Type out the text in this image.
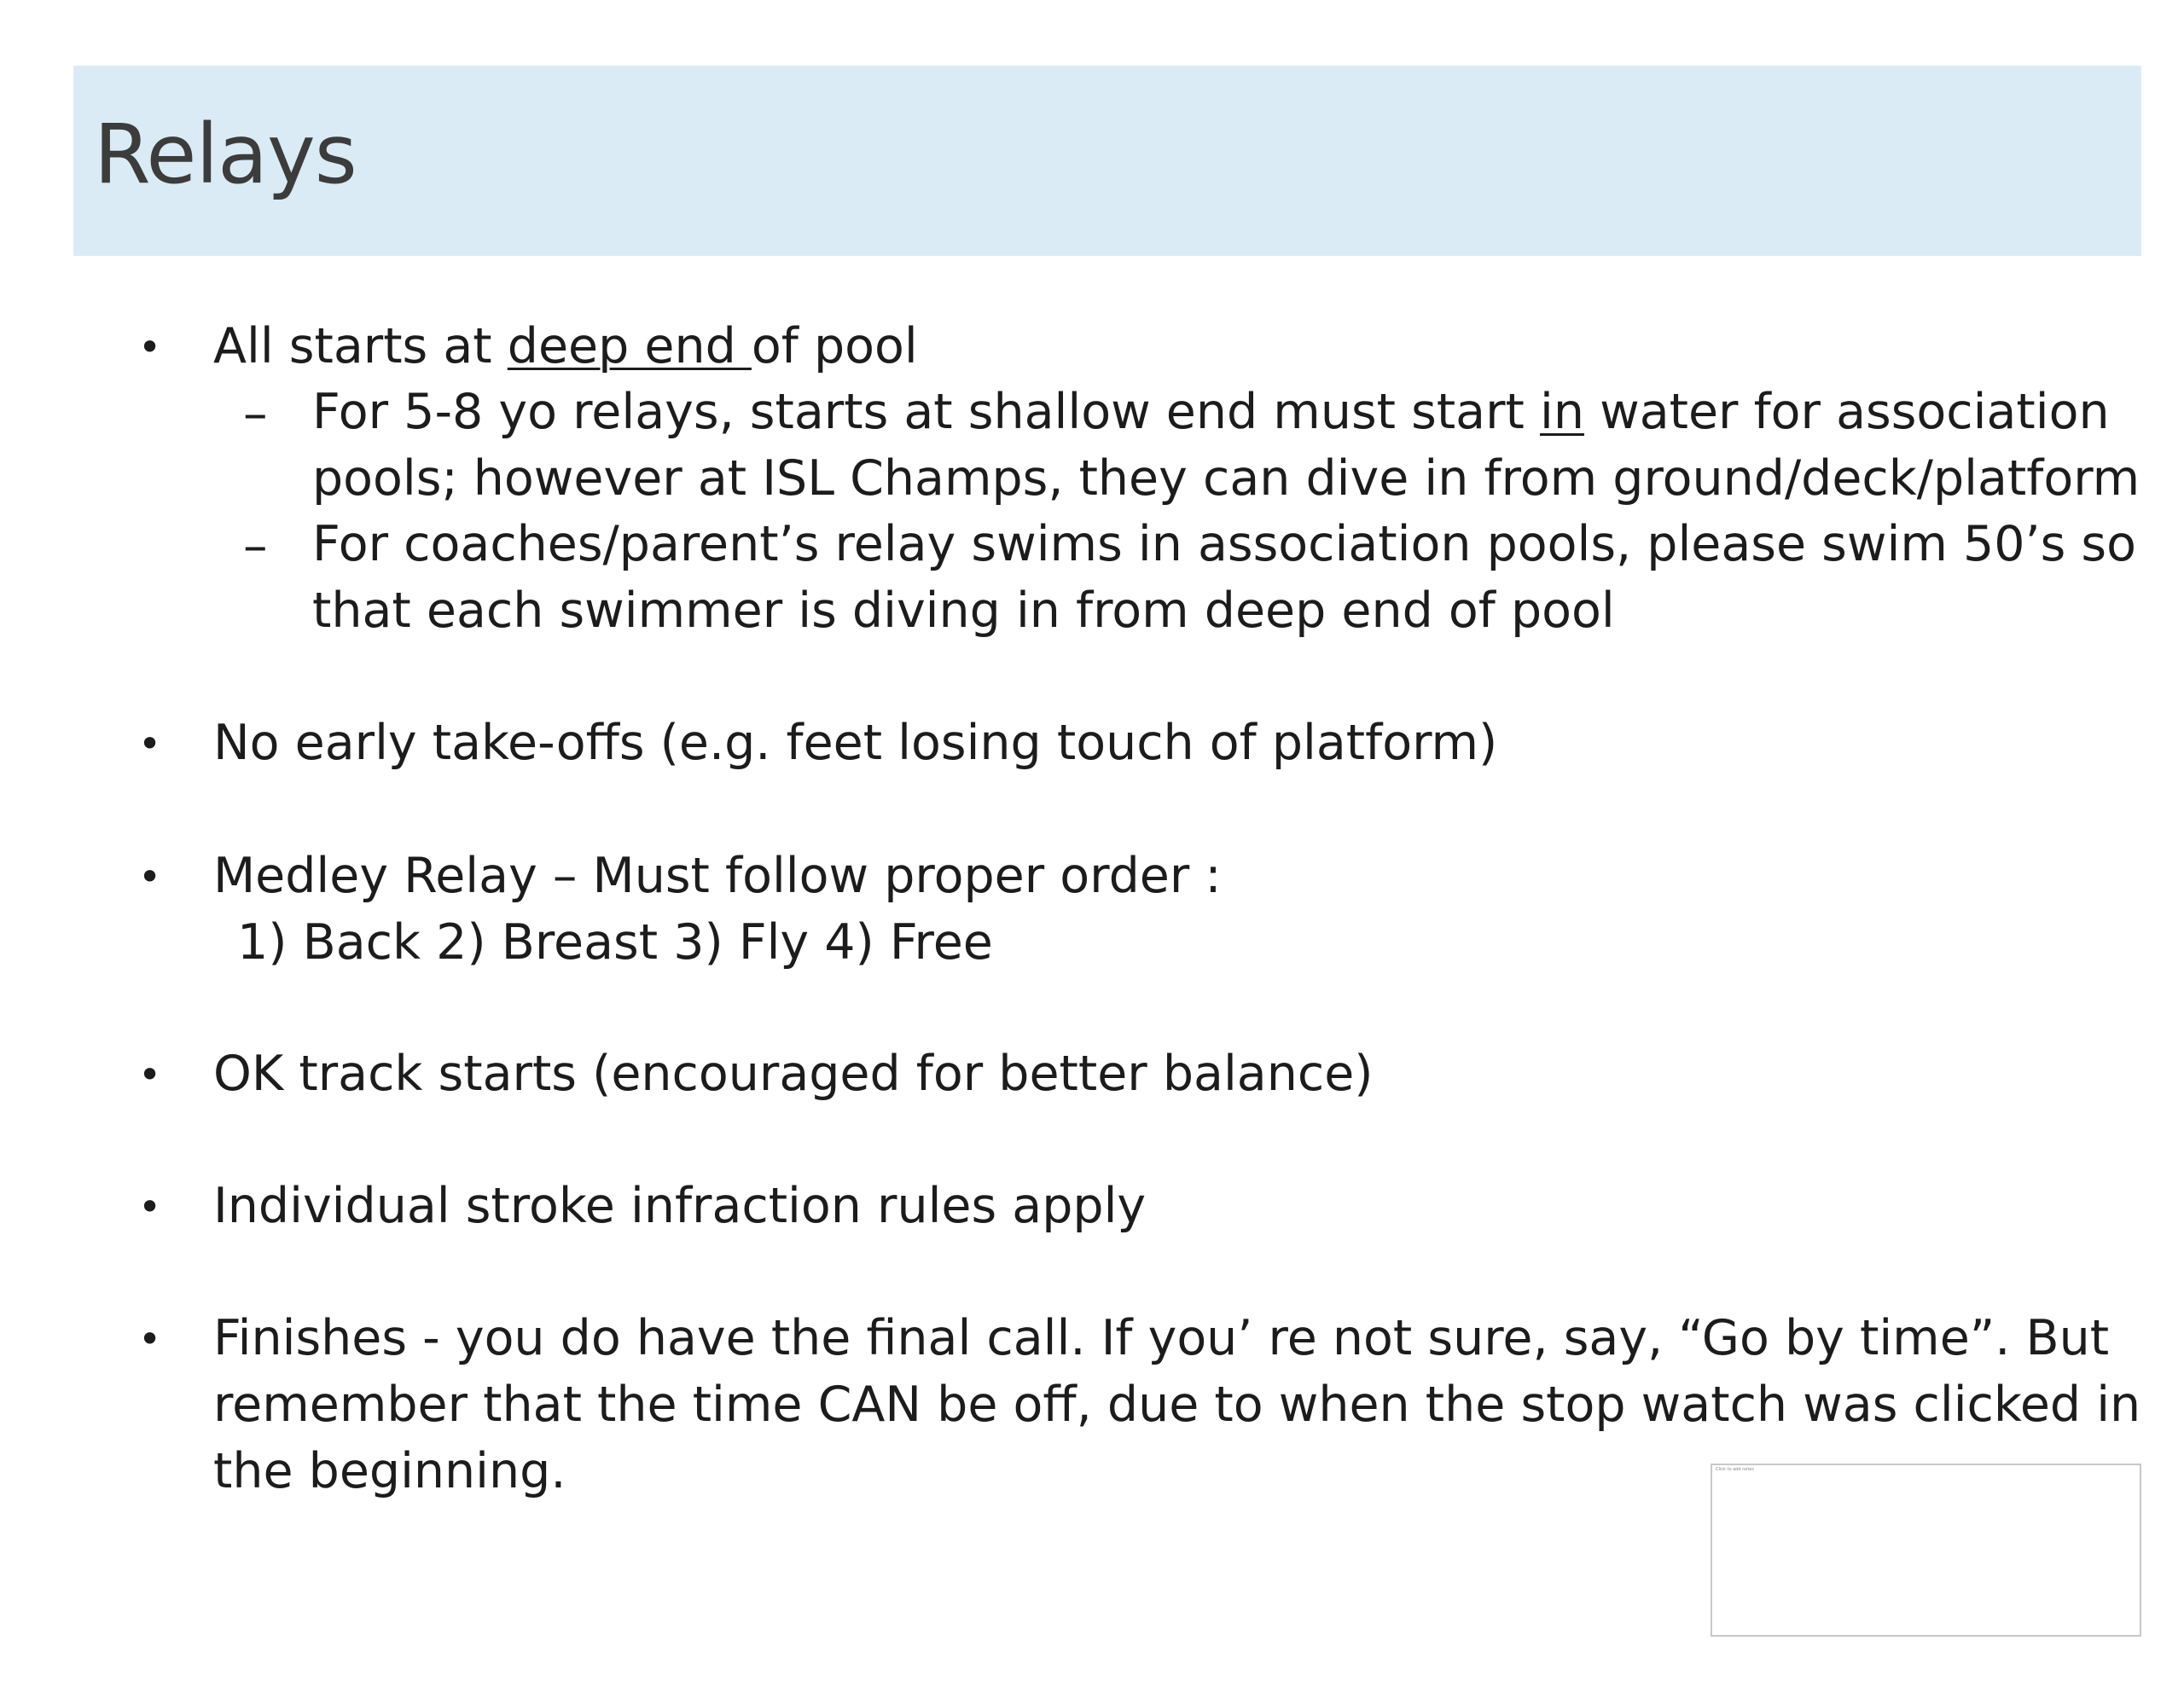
Relays
• All starts at deep end of pool
– For 5-8 yo relays, starts at shallow end must start in water for association
pools; however at ISL Champs, they can dive in from ground/deck/platform
– For coaches/parent’s relay swims in association pools, please swim 50’s so
that each swimmer is diving in from deep end of pool
• No early take-offs (e.g. feet losing touch of platform)
• Medley Relay – Must follow proper order :
1) Back 2) Breast 3) Fly 4) Free
• OK track starts (encouraged for better balance)
• Individual stroke infraction rules apply
• Finishes - you do have the final call. If you’ re not sure, say, “Go by time”. But
remember that the time CAN be off, due to when the stop watch was clicked in
the beginning.	Click to add notes
